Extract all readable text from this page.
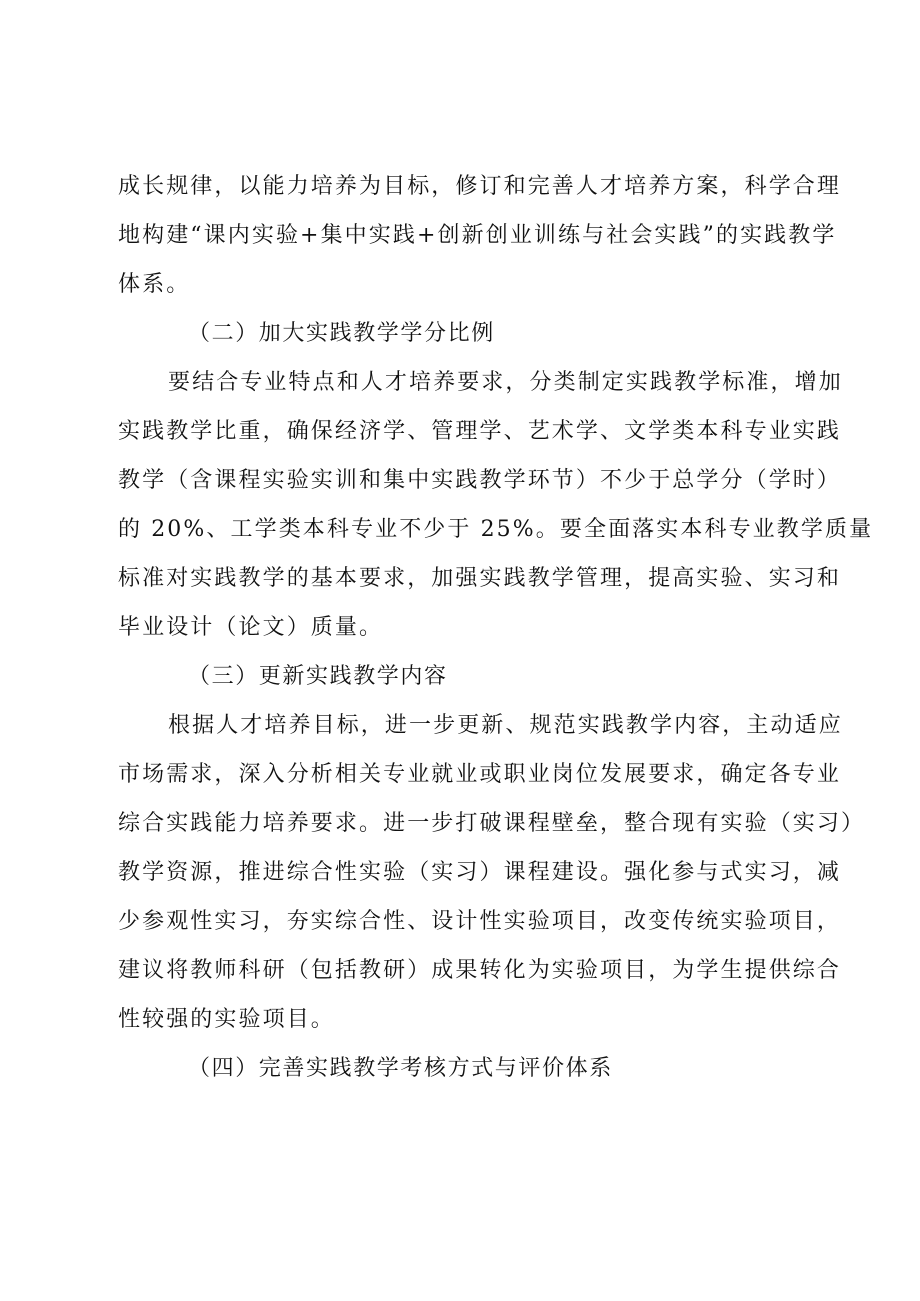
成长规律，以能力培养为目标，修订和完善人才培养方案，科学合理
地构建“课内实验+集中实践+创新创业训练与社会实践”的实践教学
体系。
（二）加大实践教学学分比例
要结合专业特点和人才培养要求，分类制定实践教学标准，增加
实践教学比重，确保经济学、管理学、艺术学、文学类本科专业实践
教学（含课程实验实训和集中实践教学环节）不少于总学分（学时）
的 20%、工学类本科专业不少于 25%。要全面落实本科专业教学质量
标准对实践教学的基本要求，加强实践教学管理，提高实验、实习和
毕业设计（论文）质量。
（三）更新实践教学内容
根据人才培养目标，进一步更新、规范实践教学内容，主动适应
市场需求，深入分析相关专业就业或职业岗位发展要求，确定各专业
综合实践能力培养要求。进一步打破课程壁垒，整合现有实验（实习）
教学资源，推进综合性实验（实习）课程建设。强化参与式实习，减
少参观性实习，夯实综合性、设计性实验项目，改变传统实验项目，
建议将教师科研（包括教研）成果转化为实验项目，为学生提供综合
性较强的实验项目。
（四）完善实践教学考核方式与评价体系
